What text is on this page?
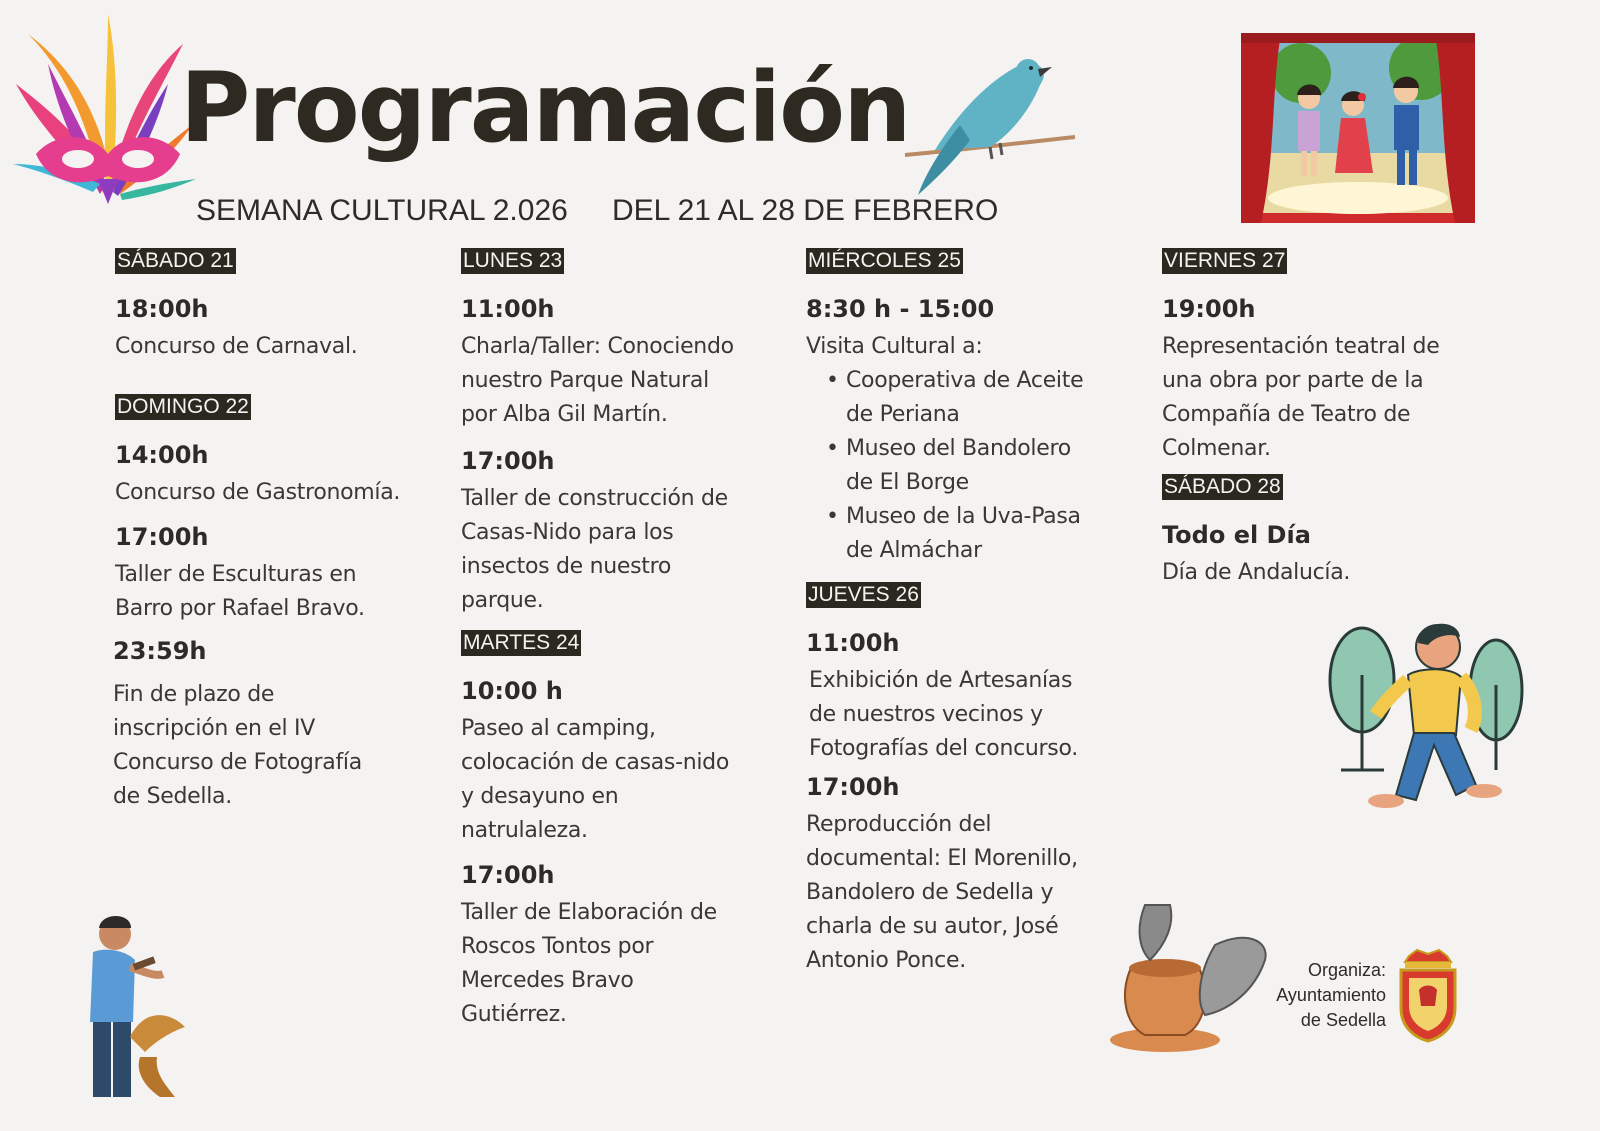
Programación
SEMANA CULTURAL 2.026 DEL 21 AL 28 DE FEBRERO
SÁBADO 21
18:00h
Concurso de Carnaval.
DOMINGO 22
14:00h
Concurso de Gastronomía.
17:00h
Taller de Esculturas en
Barro por Rafael Bravo.
23:59h
Fin de plazo de
inscripción en el IV
Concurso de Fotografía
de Sedella.
LUNES 23
11:00h
Charla/Taller: Conociendo
nuestro Parque Natural
por Alba Gil Martín.
17:00h
Taller de construcción de
Casas-Nido para los
insectos de nuestro
parque.
MARTES 24
10:00 h
Paseo al camping,
colocación de casas-nido
y desayuno en
natrulaleza.
17:00h
Taller de Elaboración de
Roscos Tontos por
Mercedes Bravo
Gutiérrez.
MIÉRCOLES 25
8:30 h - 15:00
Visita Cultural a:
• Cooperativa de Aceite
de Periana
• Museo del Bandolero
de El Borge
• Museo de la Uva-Pasa
de Almáchar
JUEVES 26
11:00h
Exhibición de Artesanías
de nuestros vecinos y
Fotografías del concurso.
17:00h
Reproducción del
documental: El Morenillo,
Bandolero de Sedella y
charla de su autor, José
Antonio Ponce.
VIERNES 27
19:00h
Representación teatral de
una obra por parte de la
Compañía de Teatro de
Colmenar.
SÁBADO 28
Todo el Día
Día de Andalucía.
Organiza:
Ayuntamiento
de Sedella
